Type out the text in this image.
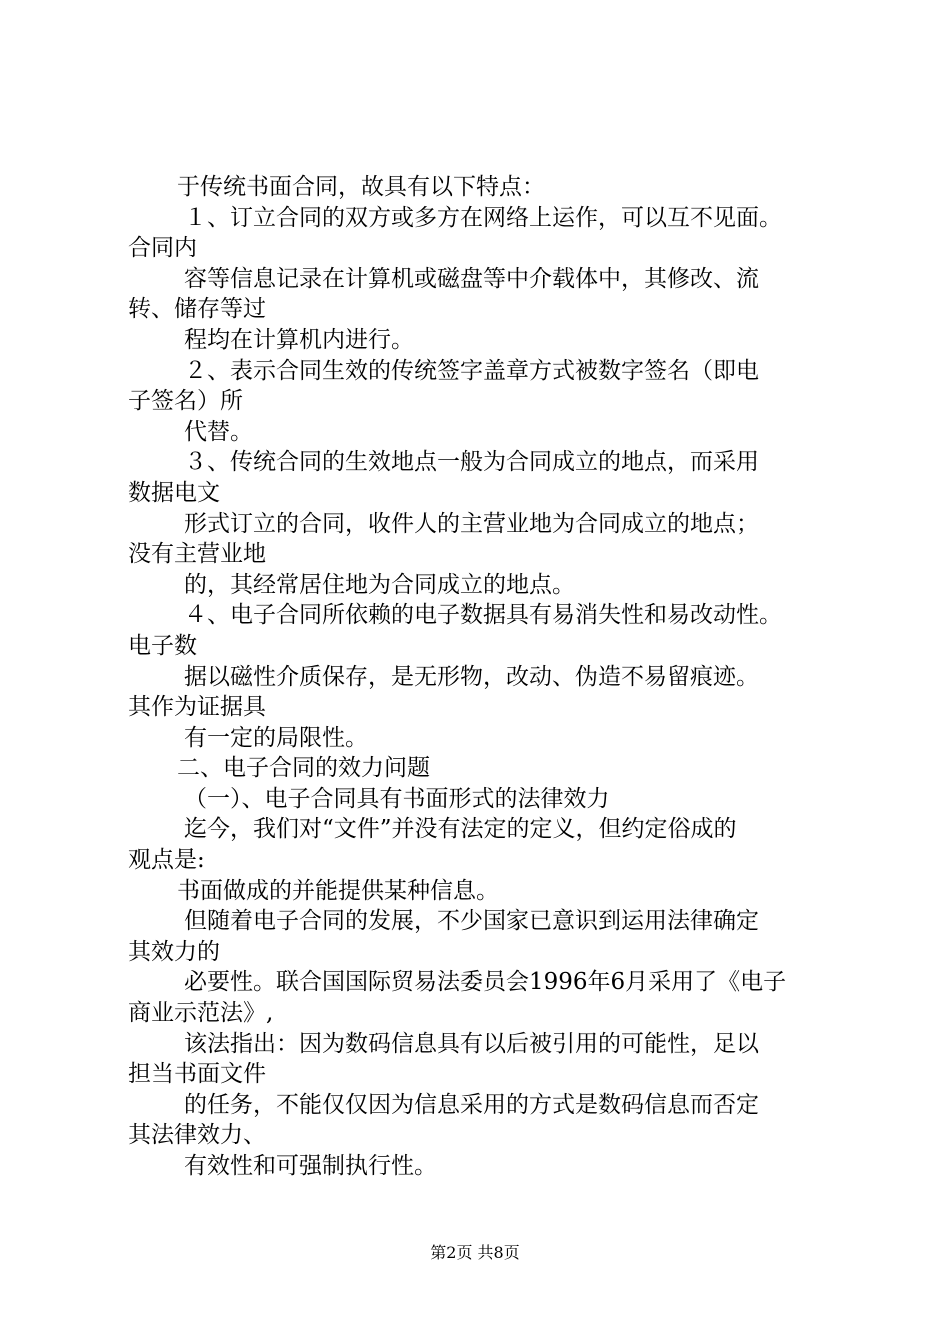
于传统书面合同，故具有以下特点：
１、订立合同的双方或多方在网络上运作，可以互不见面。
合同内
容等信息记录在计算机或磁盘等中介载体中，其修改、流
转、储存等过
程均在计算机内进行。
２、表示合同生效的传统签字盖章方式被数字签名（即电
子签名）所
代替。
３、传统合同的生效地点一般为合同成立的地点，而采用
数据电文
形式订立的合同，收件人的主营业地为合同成立的地点；
没有主营业地
的，其经常居住地为合同成立的地点。
４、电子合同所依赖的电子数据具有易消失性和易改动性。
电子数
据以磁性介质保存，是无形物，改动、伪造不易留痕迹。
其作为证据具
有一定的局限性。
二、电子合同的效力问题
（一）、电子合同具有书面形式的法律效力
迄今，我们对“文件”并没有法定的定义，但约定俗成的
观点是:
书面做成的并能提供某种信息。
但随着电子合同的发展，不少国家已意识到运用法律确定
其效力的
必要性。联合国国际贸易法委员会1996年6月采用了《电子
商业示范法》,
该法指出：因为数码信息具有以后被引用的可能性，足以
担当书面文件
的任务，不能仅仅因为信息采用的方式是数码信息而否定
其法律效力、
有效性和可强制执行性。
第2页 共8页
